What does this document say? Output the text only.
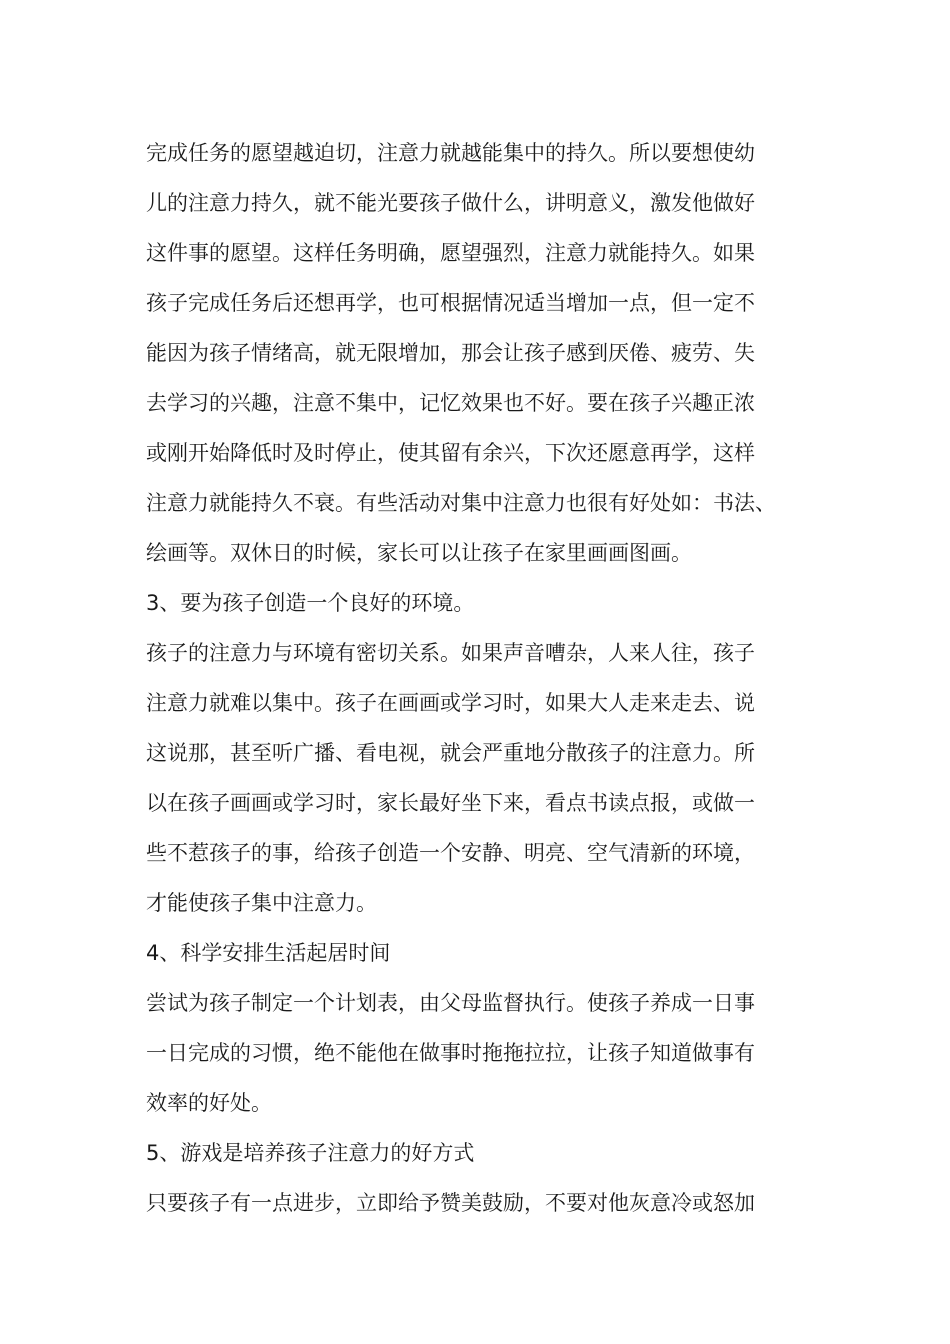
完成任务的愿望越迫切，注意力就越能集中的持久。所以要想使幼
儿的注意力持久，就不能光要孩子做什么，讲明意义，激发他做好
这件事的愿望。这样任务明确，愿望强烈，注意力就能持久。如果
孩子完成任务后还想再学，也可根据情况适当增加一点，但一定不
能因为孩子情绪高，就无限增加，那会让孩子感到厌倦、疲劳、失
去学习的兴趣，注意不集中，记忆效果也不好。要在孩子兴趣正浓
或刚开始降低时及时停止，使其留有余兴，下次还愿意再学，这样
注意力就能持久不衰。有些活动对集中注意力也很有好处如：书法、
绘画等。双休日的时候，家长可以让孩子在家里画画图画。
3、要为孩子创造一个良好的环境。
孩子的注意力与环境有密切关系。如果声音嘈杂，人来人往，孩子
注意力就难以集中。孩子在画画或学习时，如果大人走来走去、说
这说那，甚至听广播、看电视，就会严重地分散孩子的注意力。所
以在孩子画画或学习时，家长最好坐下来，看点书读点报，或做一
些不惹孩子的事，给孩子创造一个安静、明亮、空气清新的环境，
才能使孩子集中注意力。
4、科学安排生活起居时间
尝试为孩子制定一个计划表，由父母监督执行。使孩子养成一日事
一日完成的习惯，绝不能他在做事时拖拖拉拉，让孩子知道做事有
效率的好处。
5、游戏是培养孩子注意力的好方式
只要孩子有一点进步，立即给予赞美鼓励，不要对他灰意冷或怒加
